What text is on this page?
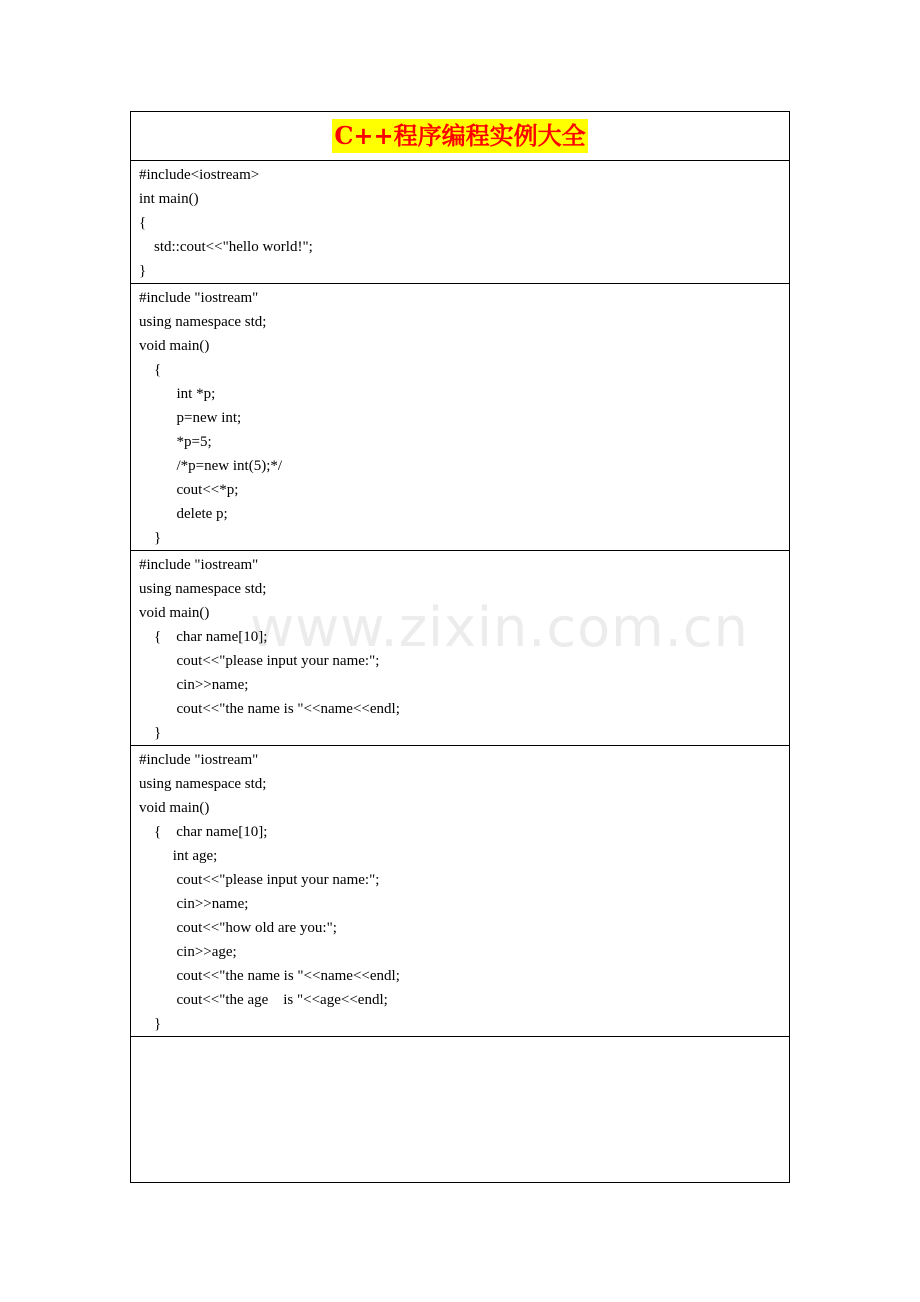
C++程序编程实例大全
#include<iostream>
int main()
{
std::cout<<"hello world!";
}
#include "iostream"
using namespace std;
void main()
{
int *p;
p=new int;
*p=5;
/*p=new int(5);*/
cout<<*p;
delete p;
}
#include "iostream"
using namespace std;
void main()
{    char name[10];
cout<<"please input your name:";
cin>>name;
cout<<"the name is "<<name<<endl;
}
#include "iostream"
using namespace std;
void main()
{    char name[10];
int age;
cout<<"please input your name:";
cin>>name;
cout<<"how old are you:";
cin>>age;
cout<<"the name is "<<name<<endl;
cout<<"the age    is "<<age<<endl;
}
www.zixin.com.cn
